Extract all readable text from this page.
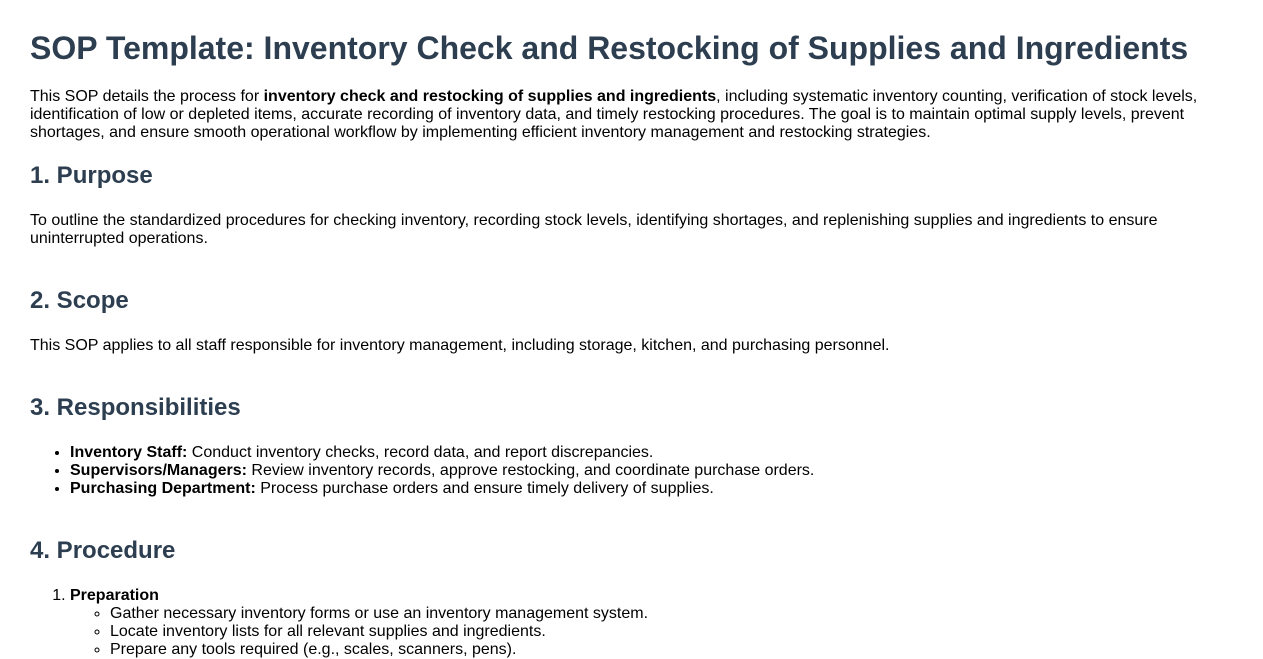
SOP Template: Inventory Check and Restocking of Supplies and Ingredients

This SOP details the process for inventory check and restocking of supplies and ingredients, including systematic inventory counting, verification of stock levels, identification of low or depleted items, accurate recording of inventory data, and timely restocking procedures. The goal is to maintain optimal supply levels, prevent shortages, and ensure smooth operational workflow by implementing efficient inventory management and restocking strategies.

1. Purpose

To outline the standardized procedures for checking inventory, recording stock levels, identifying shortages, and replenishing supplies and ingredients to ensure uninterrupted operations.

2. Scope

This SOP applies to all staff responsible for inventory management, including storage, kitchen, and purchasing personnel.

3. Responsibilities
• Inventory Staff: Conduct inventory checks, record data, and report discrepancies.
• Supervisors/Managers: Review inventory records, approve restocking, and coordinate purchase orders.
• Purchasing Department: Process purchase orders and ensure timely delivery of supplies.
4. Procedure
1. Preparation
◦ Gather necessary inventory forms or use an inventory management system.
◦ Locate inventory lists for all relevant supplies and ingredients.
◦ Prepare any tools required (e.g., scales, scanners, pens).
